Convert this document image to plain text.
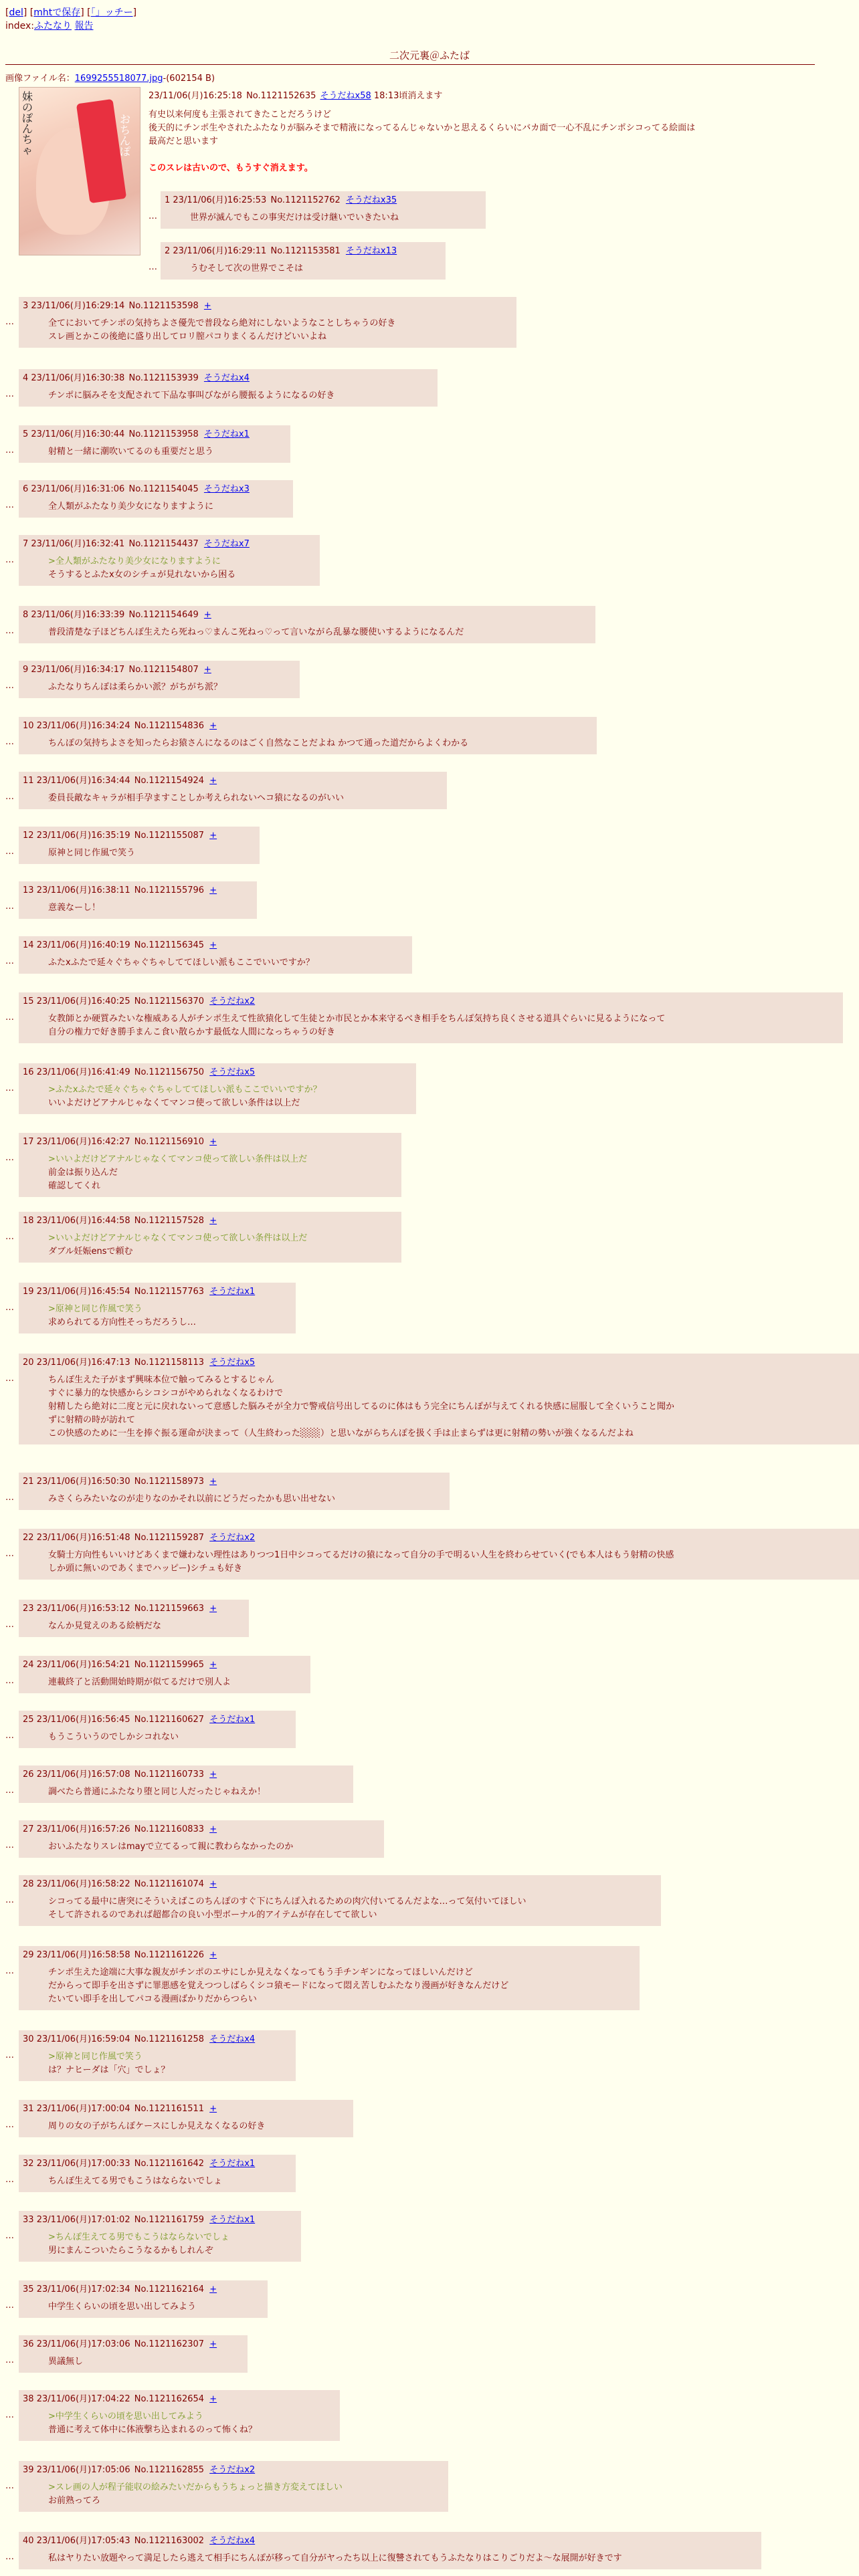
[del] [mhtで保存] [「」ッチー]
index:ふたなり 報告
二次元裏＠ふたば
画像ファイル名：1699255518077.jpg-(602154 B)
妹のぽんちゃ
おちんぽ
23/11/06(月)16:25:18 No.1121152635 そうだねx58 18:13頃消えます

有史以来何度も主張されてきたことだろうけど
後天的にチンポ生やされたふたなりが脳みそまで精液になってるんじゃないかと思えるくらいにバカ面で一心不乱にチンポシコってる絵面は
最高だと思います

このスレは古いので、もうすぐ消えます。

…
1 23/11/06(月)16:25:53 No.1121152762 そうだねx35
世界が滅んでもこの事実だけは受け継いでいきたいね
…
2 23/11/06(月)16:29:11 No.1121153581 そうだねx13
うむそして次の世界でこそは
…
3 23/11/06(月)16:29:14 No.1121153598 +
全てにおいてチンポの気持ちよさ優先で普段なら絶対にしないようなことしちゃうの好き
スレ画とかこの後絶に盛り出してロリ膣パコりまくるんだけどいいよね
…
4 23/11/06(月)16:30:38 No.1121153939 そうだねx4
チンポに脳みそを支配されて下品な事叫びながら腰振るようになるの好き
…
5 23/11/06(月)16:30:44 No.1121153958 そうだねx1
射精と一緒に潮吹いてるのも重要だと思う
…
6 23/11/06(月)16:31:06 No.1121154045 そうだねx3
全人類がふたなり美少女になりますように
…
7 23/11/06(月)16:32:41 No.1121154437 そうだねx7
>全人類がふたなり美少女になりますように
そうするとふたx女のシチュが見れないから困る
…
8 23/11/06(月)16:33:39 No.1121154649 +
普段清楚な子ほどちんぽ生えたら死ねっ♡まんこ死ねっ♡って言いながら乱暴な腰使いするようになるんだ
…
9 23/11/06(月)16:34:17 No.1121154807 +
ふたなりちんぽは柔らかい派？がちがち派？
…
10 23/11/06(月)16:34:24 No.1121154836 +
ちんぽの気持ちよさを知ったらお猿さんになるのはごく自然なことだよね かつて通った道だからよくわかる
…
11 23/11/06(月)16:34:44 No.1121154924 +
委員長敵なキャラが相手孕ますことしか考えられないヘコ猿になるのがいい
…
12 23/11/06(月)16:35:19 No.1121155087 +
原神と同じ作風で笑う
…
13 23/11/06(月)16:38:11 No.1121155796 +
意義なーし！
…
14 23/11/06(月)16:40:19 No.1121156345 +
ふたxふたで延々ぐちゃぐちゃしててほしい派もここでいいですか？
…
15 23/11/06(月)16:40:25 No.1121156370 そうだねx2
女教師とか硬質みたいな権威ある人がチンポ生えて性欲猿化して生徒とか市民とか本来守るべき相手をちんぽ気持ち良くさせる道具ぐらいに見るようになって
自分の権力で好き勝手まんこ食い散らかす最低な人間になっちゃうの好き
…
16 23/11/06(月)16:41:49 No.1121156750 そうだねx5
>ふたxふたで延々ぐちゃぐちゃしててほしい派もここでいいですか？
いいよだけどアナルじゃなくてマンコ使って欲しい条件は以上だ
…
17 23/11/06(月)16:42:27 No.1121156910 +
>いいよだけどアナルじゃなくてマンコ使って欲しい条件は以上だ
前金は振り込んだ
確認してくれ
…
18 23/11/06(月)16:44:58 No.1121157528 +
>いいよだけどアナルじゃなくてマンコ使って欲しい条件は以上だ
ダブル妊娠ensで頼む
…
19 23/11/06(月)16:45:54 No.1121157763 そうだねx1
>原神と同じ作風で笑う
求められてる方向性そっちだろうし…
…
20 23/11/06(月)16:47:13 No.1121158113 そうだねx5
ちんぽ生えた子がまず興味本位で触ってみるとするじゃん
すぐに暴力的な快感からシコシコがやめられなくなるわけで
射精したら絶対に二度と元に戻れないって意感した脳みそが全力で警戒信号出してるのに体はもう完全にちんぽが与えてくれる快感に屈服して全くいうこと聞か
ずに射精の時が訪れて
この快感のために一生を捧ぐ振る運命が決まって（人生終わった░░░）と思いながらちんぽを扱く手は止まらずは更に射精の勢いが強くなるんだよね
…
21 23/11/06(月)16:50:30 No.1121158973 +
みさくらみたいなのが走りなのかそれ以前にどうだったかも思い出せない
…
22 23/11/06(月)16:51:48 No.1121159287 そうだねx2
女騎士方向性もいいけどあくまで嫌わない理性はありつつ1日中シコってるだけの猿になって自分の手で明るい人生を終わらせていく(でも本人はもう射精の快感
しか頭に無いのであくまでハッピー)シチュも好き
…
23 23/11/06(月)16:53:12 No.1121159663 +
なんか見覚えのある絵柄だな
…
24 23/11/06(月)16:54:21 No.1121159965 +
連載終了と活動開始時期が似てるだけで別人よ
…
25 23/11/06(月)16:56:45 No.1121160627 そうだねx1
もうこういうのでしかシコれない
…
26 23/11/06(月)16:57:08 No.1121160733 +
調べたら普通にふたなり堕と同じ人だったじゃねえか！
…
27 23/11/06(月)16:57:26 No.1121160833 +
おいふたなりスレはmayで立てるって親に教わらなかったのか
…
28 23/11/06(月)16:58:22 No.1121161074 +
シコってる最中に唐突にそういえばこのちんぽのすぐ下にちんぽ入れるための肉穴付いてるんだよな…って気付いてほしい
そして許されるのであれば超都合の良い小型ボーナル的アイテムが存在してて欲しい
…
29 23/11/06(月)16:58:58 No.1121161226 +
チンポ生えた途端に大事な親友がチンポのエサにしか見えなくなってもう手チンギンになってほしいんだけど
だからって即手を出さずに罪悪感を覚えつつしばらくシコ猿モードになって悶え苦しむふたなり漫画が好きなんだけど
たいてい即手を出してパコる漫画ばかりだからつらい
…
30 23/11/06(月)16:59:04 No.1121161258 そうだねx4
>原神と同じ作風で笑う
は？ナヒーダは「穴」でしょ？
…
31 23/11/06(月)17:00:04 No.1121161511 +
周りの女の子がちんぽケースにしか見えなくなるの好き
…
32 23/11/06(月)17:00:33 No.1121161642 そうだねx1
ちんぽ生えてる男でもこうはならないでしょ
…
33 23/11/06(月)17:01:02 No.1121161759 そうだねx1
>ちんぽ生えてる男でもこうはならないでしょ
男にまんこついたらこうなるかもしれんぞ
…
35 23/11/06(月)17:02:34 No.1121162164 +
中学生くらいの頃を思い出してみよう
…
36 23/11/06(月)17:03:06 No.1121162307 +
異議無し
…
38 23/11/06(月)17:04:22 No.1121162654 +
>中学生くらいの頃を思い出してみよう
普通に考えて体中に体液撃ち込まれるのって怖くね？
…
39 23/11/06(月)17:05:06 No.1121162855 そうだねx2
>スレ画の人が程子能収の絵みたいだからもうちょっと描き方変えてほしい
お前熟ってろ
…
40 23/11/06(月)17:05:43 No.1121163002 そうだねx4
私はヤりたい放題やって満足したら逃えて相手にちんぽが移って自分がヤったち以上に復讐されてもうふたなりはこりごりだよ〜な展開が好きです
